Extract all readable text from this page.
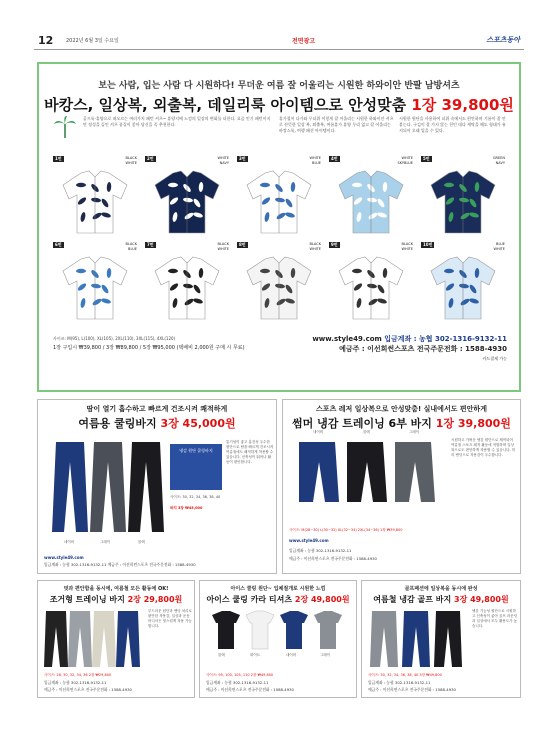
12	2022년 6월 3일 수요일	전면광고	스포츠동아
보는 사람, 입는 사람 다 시원하다! 무더운 여름 잘 어울리는 시원한 하와이안 반팔 남방셔츠
바캉스, 일상복, 외출복, 데일리룩 아이템으로 안성맞춤 1장 39,800원
골프룩·휴양으로 떠오르는 여러가지 패턴 셔츠~ 휴양지에 느낌의 일상의 변화를 더한다. 요즘 인기 패턴이지만 정성을 들인 셔츠 품질이 좋아 당신을 꼭 추천한다.
휴가철이 다가와 무더위 이렇게 잘 어울리는 시원한 하와이안 셔츠로 산뜻한 일상 복, 외출복, 여름휴가 휴양 무리 없고 잘 어울리는 바캉스룩, 여행 패션 아이템이다.
시원한 원단을 사용하여 더위 속에서도 편안하며 기름이 잘 안붙는다. 구김이 잘 가지 않는 천인 데다 세탁을 해도 형태가 유지되어 오래 입을 수 있다.
1번	BLACK
WHITE
2번	WHITE
NAVY
3번	WHITE
BLUE
4번	WHITE
SKYBLUE
5번	GREEN
NAVY
6번	BLACK
BLUE
7번	BLACK
WHITE
8번	BLACK
WHITE
9번	BLACK
WHITE
10번	BLUE
WHITE
사이즈: M(95), L(100), XL(105), 2XL(110), 3XL(115), 4XL(120)
1장 구입시 ₩39,800 / 3장 ₩89,800 / 5장 ₩95,000 (택배비 2,000원 구매 시 무료)
www.style49.com 입금계좌 : 농협 302-1316-9132-11
예금주 : 이선희썬스포츠 전국주문전화 : 1588-4930
카드결제 가능
땀이 열기 흡수하고 빠르게 건조시켜 쾌적하게
여름용 쿨링바지 3장 45,000원
네이비	그레이	블랙
냉감 원단 쿨링바지
사이즈: 30, 32, 34, 36, 38, 40
바지 3장 ₩45,000
통기성이 좋고 흡건성 우수한 원단으로 땀을 빠르게 건조시켜 여름철에도 쾌적하게 착용할 수 있습니다. 신축성이 뛰어나 활동이 편안합니다.
www.style49.com
입금계좌 : 농협 302-1316-9132-11 예금주 : 이선희썬스포츠 전국주문전화 : 1588-4930
스포츠 레저 일상복으로 안성맞춤! 실내에서도 편안하게
썸머 냉감 트레이닝 6부 바지 1장 39,800원
네이비	블랙	그레이
시원하고 가벼운 냉감 원단으로 제작되어 여름철 스포츠 레저 활동에 적합하며 일상복으로도 편안하게 착용할 수 있습니다. 허리 밴딩으로 착용감이 우수합니다.
사이즈: M(28~30) L(30~32) XL(32~34) 2XL(34~36) 1장 ₩39,800
www.style49.com
입금계좌 : 농협 302-1316-9132-11
예금주 : 이선희썬스포츠 전국주문전화 : 1588-4930
멋과 편안함을 동시에, 여름철 모든 활동에 OK!
조거형 트레이닝 바지 2장 29,800원
부드러운 원단과 밴딩 처리로 편안한 착용감, 일상과 운동 어디서든 멋스럽게 착용 가능합니다.
사이즈: 28, 30, 32, 34, 36 2장 ₩29,800
입금계좌 : 농협 302-1316-9132-11
예금주 : 이선희썬스포츠 전국주문전화 : 1588-4930
아이스 쿨링 원단~ 입체절개로 시원한 느낌
아이스 쿨링 카라 티셔츠 2장 49,800원
블랙	화이트	네이비	그레이
사이즈: 95, 100, 105, 110 2장 ₩49,800
입금계좌 : 농협 302-1316-9132-11
예금주 : 이선희썬스포츠 전국주문전화 : 1588-4930
골프패션에 일상복을 동시에 완성
여름철 냉감 골프 바지 3장 49,800원
냉감 기능성 원단으로 시원하고 신축성이 좋아 골프 라운딩과 일상에서 모두 활용도가 높습니다.
사이즈: 30, 32, 34, 36, 38, 40 3장 ₩49,800
입금계좌 : 농협 302-1316-9132-11
예금주 : 이선희썬스포츠 전국주문전화 : 1588-4930
